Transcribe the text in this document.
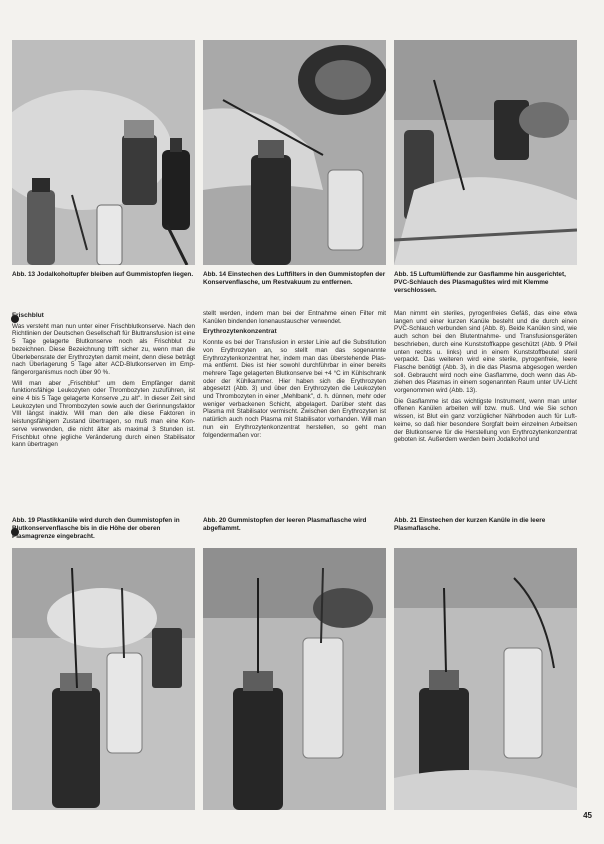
Abb. 13 Jodalkoholtupfer bleiben auf Gummistopfen liegen. Abb. 14 Einstechen des Luftfilters in den Gummistopfen der Konservenflasche, um Restvakuum zu entfernen.
Abb. 15 Luftumlüftende zur Gasflamme hin ausgerichtet, PVC-Schlauch des Plasmagußtes wird mit Klemme verschlossen.
Frischblut

Was versteht man nun unter einer Frischblutkonserve. Nach den Richtlinien der Deutschen Gesellschaft für Bluttransfusion ist eine 5 Tage gelagerte Blutkonserve noch als Frischblut zu bezeichnen. Diese Bezeichnung trifft sicher zu, wenn man die Überlebensrate der Erythrozyten damit meint, denn diese beträgt nach Überlagerung 5 Tage alter ACD-Blutkonserven im Empfängerorganismus noch über 90 %.

Will man aber „Frischblut" um dem Empfänger damit funktionsfähige Leukozyten oder Thrombozyten zuzuführen, ist eine 4 bis 5 Tage gelagerte Konserve „zu alt". In dieser Zeit sind Leukozyten und Thrombozyten sowie auch der Gerinnungsfaktor VIII längst inaktiv. Will man den alle diese Faktoren in leistungsfähigem Zustand übertragen, so muß man eine Konserve verwenden, die nicht älter als maximal 3 Stunden ist. Frischblut ohne jegliche Veränderung durch einen Stabilisator kann übertragen

stellt werden, indem man bei der Entnahme einen Filter mit Kanülen bindenden Ionenaustauscher verwendet.

Erythrozytenkonzentrat

Konnte es bei der Transfusion in erster Linie auf die Substitution von Erythrozyten an, so stellt man das sogenannte Erythrozytenkonzentrat her, indem man das überstehende Plasma entfernt. Dies ist hier sowohl durchführbar in einer bereits mehrere Tage gelagerten Blutkonserve bei +4 °C im Kühlschrank oder der Kühlkammer. Hier haben sich die Erythrozyten abgesetzt (Abb. 3) und über den Erythrozyten die Leukozyten und Thrombozyten in einer „Mehlbank", d. h. dünnen, mehr oder weniger verbackenen Schicht, abgelagert. Darüber steht das Plasma mit Stabilisator vermischt. Zwischen den Erythrozyten ist natürlich auch noch Plasma mit Stabilisator vorhanden. Will man nun ein Erythrozytenkonzentrat herstellen, so geht man folgendermaßen vor:

Man nimmt ein steriles, pyrogenfreies Gefäß, das eine etwa langen und einer kurzen Kanüle besteht und die durch einen PVC-Schlauch verbunden sind (Abb. 8). Beide Kanülen sind, wie auch schon bei den Blutentnahme- und Transfusionsgeräten beschrieben, durch eine Kunststoffkappe geschützt (Abb. 9 Pfeil unten rechts u. links) und in einem Kunststoffbeutel steril verpackt. Das weiteren wird eine sterile, pyrogenfreie, leere Flasche benötigt (Abb. 3), in die das Plasma abgesogen werden soll. Gebraucht wird noch eine Gasflamme, doch wenn das Abziehen des Plasmas in einem sogenannten Raum unter UV-Licht vorgenommen wird (Abb. 13).

Die Gasflamme ist das wichtigste Instrument, wenn man unter offenen Kanülen arbeiten will bzw. muß. Und wie Sie schon wissen, ist Blut ein ganz vorzüglicher Nährboden auch für Luftkeime, so daß hier besondere Sorgfalt beim einzelnen Arbeitsen der Blutkonserve für die Herstellung von Erythrozytenkonzentrat geboten ist. Außerdem werden beim Jodalkohol und

Abb. 19 Plastikkanüle wird durch den Gummistopfen in Blutkonservenflasche bis in die Höhe der oberen Plasmagrenze eingebracht.
Abb. 20 Gummistopfen der leeren Plasmaflasche wird abgeflammt.
Abb. 21 Einstechen der kurzen Kanüle in die leere Plasmaflasche.
45
